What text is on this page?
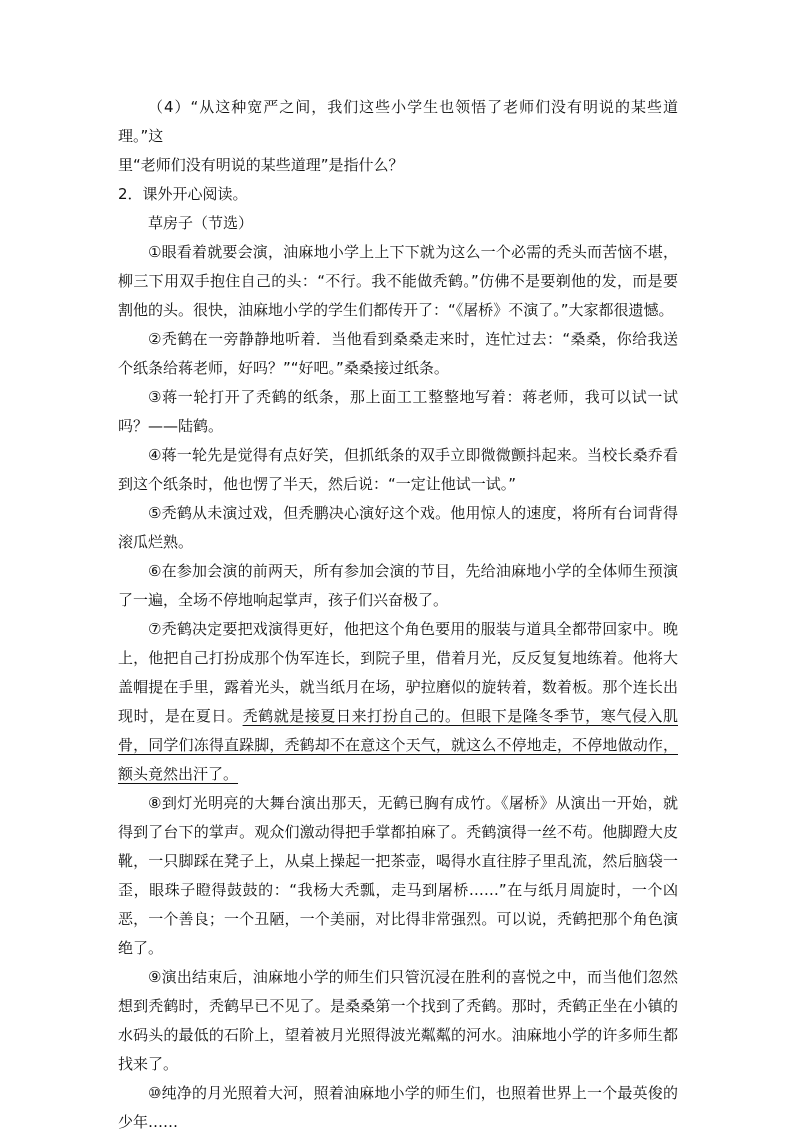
（4）“从这种宽严之间，我们这些小学生也领悟了老师们没有明说的某些道理。”这
里“老师们没有明说的某些道理”是指什么？

2．课外开心阅读。

草房子（节选）

①眼看着就要会演，油麻地小学上上下下就为这么一个必需的秃头而苦恼不堪，柳三下用双手抱住自己的头：“不行。我不能做秃鹤。”仿佛不是要剃他的发，而是要割他的头。很快，油麻地小学的学生们都传开了：“《屠桥》不演了。”大家都很遗憾。

②秃鹤在一旁静静地听着．当他看到桑桑走来时，连忙过去：“桑桑，你给我送个纸条给蒋老师，好吗？”“好吧。”桑桑接过纸条。

③蒋一轮打开了秃鹤的纸条，那上面工工整整地写着：蒋老师，我可以试一试吗？——陆鹤。

④蒋一轮先是觉得有点好笑，但抓纸条的双手立即微微颤抖起来。当校长桑乔看到这个纸条时，他也愣了半天，然后说：“一定让他试一试。”

⑤秃鹤从未演过戏，但秃鹏决心演好这个戏。他用惊人的速度，将所有台词背得滚瓜烂熟。

⑥在参加会演的前两天，所有参加会演的节目，先给油麻地小学的全体师生预演了一遍，全场不停地响起掌声，孩子们兴奋极了。

⑦秃鹤决定要把戏演得更好，他把这个角色要用的服装与道具全都带回家中。晚上，他把自己打扮成那个伪军连长，到院子里，借着月光，反反复复地练着。他将大盖帽提在手里，露着光头，就当纸月在场，驴拉磨似的旋转着，数着板。那个连长出现时，是在夏日。秃鹤就是接夏日来打扮自己的。但眼下是隆冬季节，寒气侵入肌骨，同学们冻得直跺脚，秃鹤却不在意这个天气，就这么不停地走，不停地做动作，额头竟然出汗了。

⑧到灯光明亮的大舞台演出那天，无鹤已胸有成竹。《屠桥》从演出一开始，就得到了台下的掌声。观众们激动得把手掌都拍麻了。秃鹤演得一丝不苟。他脚蹬大皮靴，一只脚踩在凳子上，从桌上操起一把茶壶，喝得水直往脖子里乱流，然后脑袋一歪，眼珠子瞪得鼓鼓的：“我杨大秃瓢，走马到屠桥……”在与纸月周旋时，一个凶恶，一个善良；一个丑陋，一个美丽，对比得非常强烈。可以说，秃鹤把那个角色演绝了。

⑨演出结束后，油麻地小学的师生们只管沉浸在胜利的喜悦之中，而当他们忽然想到秃鹤时，秃鹤早已不见了。是桑桑第一个找到了秃鹤。那时，秃鹤正坐在小镇的水码头的最低的石阶上，望着被月光照得波光粼粼的河水。油麻地小学的许多师生都找来了。

⑩纯净的月光照着大河，照着油麻地小学的师生们，也照着世界上一个最英俊的少年……
